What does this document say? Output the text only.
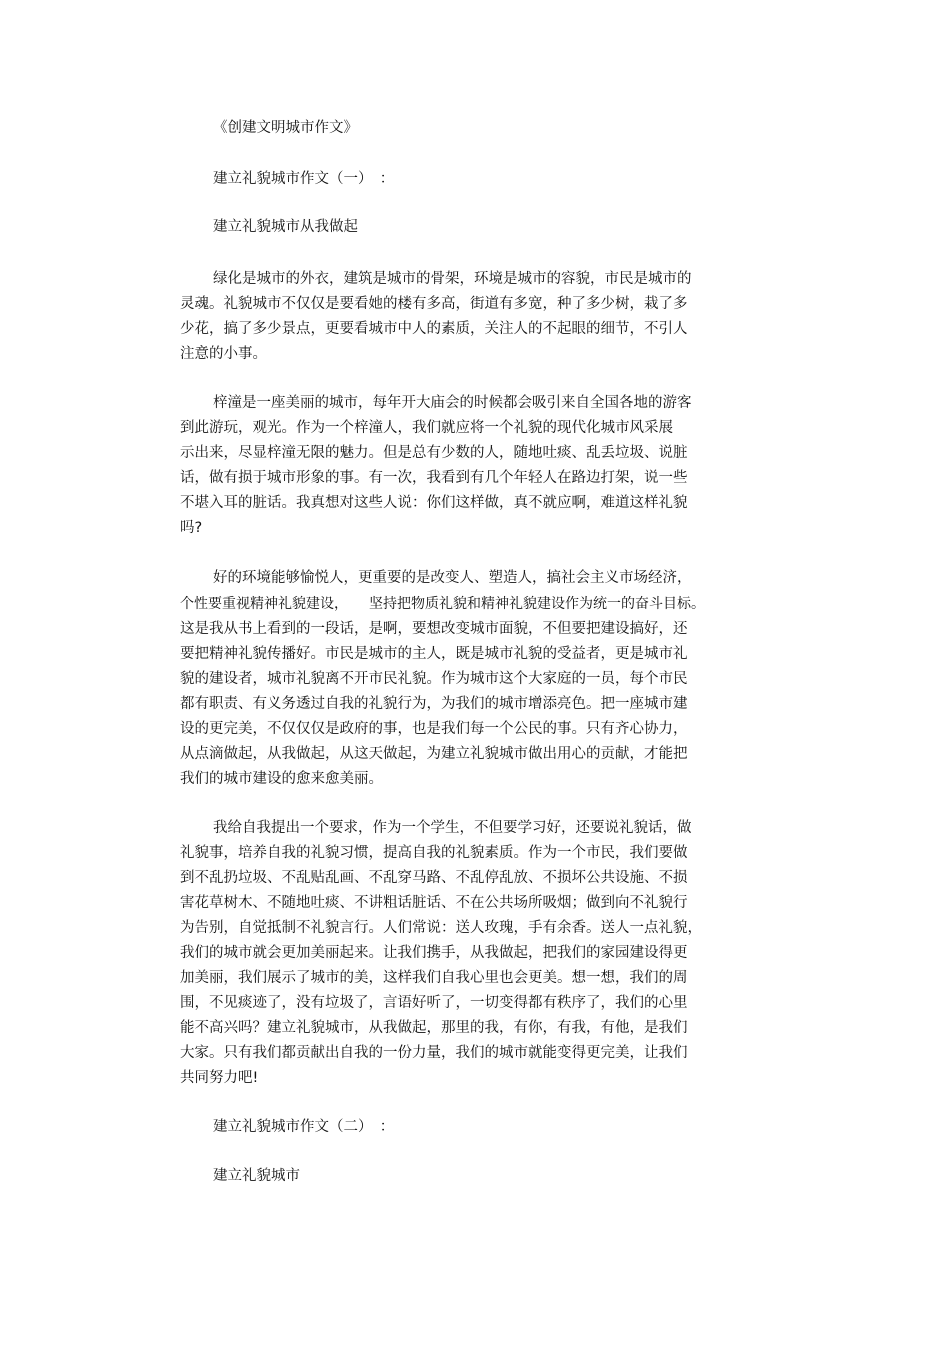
《创建文明城市作文》
建立礼貌城市作文（一）　：
建立礼貌城市从我做起
绿化是城市的外衣，建筑是城市的骨架，环境是城市的容貌，市民是城市的
灵魂。礼貌城市不仅仅是要看她的楼有多高，街道有多宽，种了多少树，栽了多
少花，搞了多少景点，更要看城市中人的素质，关注人的不起眼的细节，不引人
注意的小事。
梓潼是一座美丽的城市，每年开大庙会的时候都会吸引来自全国各地的游客
到此游玩，观光。作为一个梓潼人，我们就应将一个礼貌的现代化城市风采展
示出来，尽显梓潼无限的魅力。但是总有少数的人，随地吐痰、乱丢垃圾、说脏
话，做有损于城市形象的事。有一次，我看到有几个年轻人在路边打架，说一些
不堪入耳的脏话。我真想对这些人说：你们这样做，真不就应啊，难道这样礼貌
吗?
好的环境能够愉悦人，更重要的是改变人、塑造人，搞社会主义市场经济，
个性要重视精神礼貌建设，　　坚持把物质礼貌和精神礼貌建设作为统一的奋斗目标。
这是我从书上看到的一段话，是啊，要想改变城市面貌，不但要把建设搞好，还
要把精神礼貌传播好。市民是城市的主人，既是城市礼貌的受益者，更是城市礼
貌的建设者，城市礼貌离不开市民礼貌。作为城市这个大家庭的一员，每个市民
都有职责、有义务透过自我的礼貌行为，为我们的城市增添亮色。把一座城市建
设的更完美，不仅仅仅是政府的事，也是我们每一个公民的事。只有齐心协力，
从点滴做起，从我做起，从这天做起，为建立礼貌城市做出用心的贡献，才能把
我们的城市建设的愈来愈美丽。
我给自我提出一个要求，作为一个学生，不但要学习好，还要说礼貌话，做
礼貌事，培养自我的礼貌习惯，提高自我的礼貌素质。作为一个市民，我们要做
到不乱扔垃圾、不乱贴乱画、不乱穿马路、不乱停乱放、不损坏公共设施、不损
害花草树木、不随地吐痰、不讲粗话脏话、不在公共场所吸烟；做到向不礼貌行
为告别，自觉抵制不礼貌言行。人们常说：送人玫瑰，手有余香。送人一点礼貌，
我们的城市就会更加美丽起来。让我们携手，从我做起，把我们的家园建设得更
加美丽，我们展示了城市的美，这样我们自我心里也会更美。想一想，我们的周
围，不见痰迹了，没有垃圾了，言语好听了，一切变得都有秩序了，我们的心里
能不高兴吗？建立礼貌城市，从我做起，那里的我，有你，有我，有他，是我们
大家。只有我们都贡献出自我的一份力量，我们的城市就能变得更完美，让我们
共同努力吧!
建立礼貌城市作文（二）　：
建立礼貌城市
